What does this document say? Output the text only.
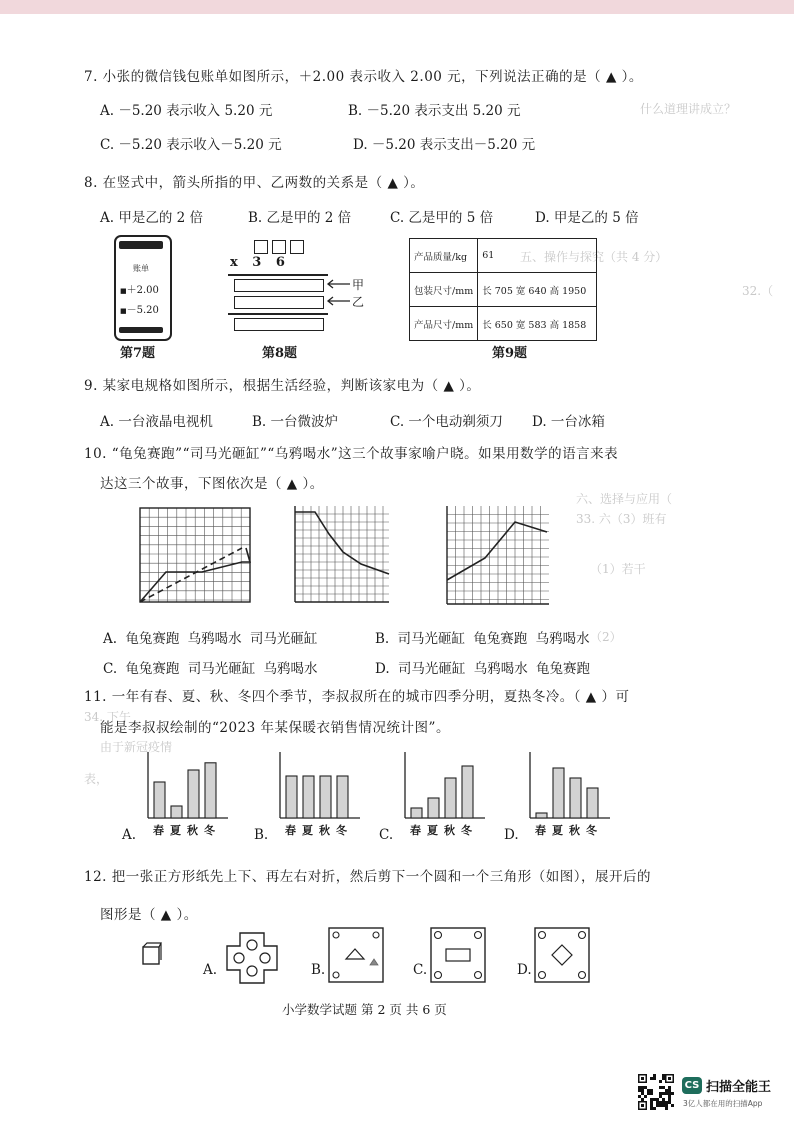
什么道理讲成立？
五、操作与探究（共 4 分）
32.（
六、选择与应用（
33. 六（3）班有
（1）若干
（2）
34. 下午
由于新冠疫情
表，
7. 小张的微信钱包账单如图所示，＋2.00 表示收入 2.00 元，下列说法正确的是（ ▲ ）。
A. －5.20 表示收入 5.20 元	B. －5.20 表示支出 5.20 元
C. －5.20 表示收入－5.20 元	D. －5.20 表示支出－5.20 元
8. 在竖式中，箭头所指的甲、乙两数的关系是（ ▲ ）。
A. 甲是乙的 2 倍	B. 乙是甲的 2 倍	C. 乙是甲的 5 倍	D. 甲是乙的 5 倍
账单
■＋2.00
■－5.20
第7题
x 3 6
甲
乙
第8题
产品质量/kg	61
包装尺寸/mm	长 705 宽 640 高 1950
产品尺寸/mm	长 650 宽 583 高 1858
第9题
9. 某家电规格如图所示，根据生活经验，判断该家电为（ ▲ ）。
A. 一台液晶电视机	B. 一台微波炉	C. 一个电动剃须刀 D. 一台冰箱
10. “龟兔赛跑”“司马光砸缸”“乌鸦喝水”这三个故事家喻户晓。如果用数学的语言来表
达这三个故事，下图依次是（ ▲ ）。
A. 龟兔赛跑 乌鸦喝水 司马光砸缸	B. 司马光砸缸 龟兔赛跑 乌鸦喝水
C. 龟兔赛跑 司马光砸缸 乌鸦喝水	D. 司马光砸缸 乌鸦喝水 龟兔赛跑
11. 一年有春、夏、秋、冬四个季节，李叔叔所在的城市四季分明，夏热冬冷。（ ▲ ）可
能是李叔叔绘制的“2023 年某保暖衣销售情况统计图”。
A. 春 夏 秋 冬	B. 春 夏 秋 冬 C. 春 夏 秋 冬 D. 春 夏 秋 冬
12. 把一张正方形纸先上下、再左右对折，然后剪下一个圆和一个三角形（如图），展开后的
图形是（ ▲ ）。
A.	B.	C.	D.
小学数学试题 第 2 页 共 6 页
CS 扫描全能王
3亿人都在用的扫描App
